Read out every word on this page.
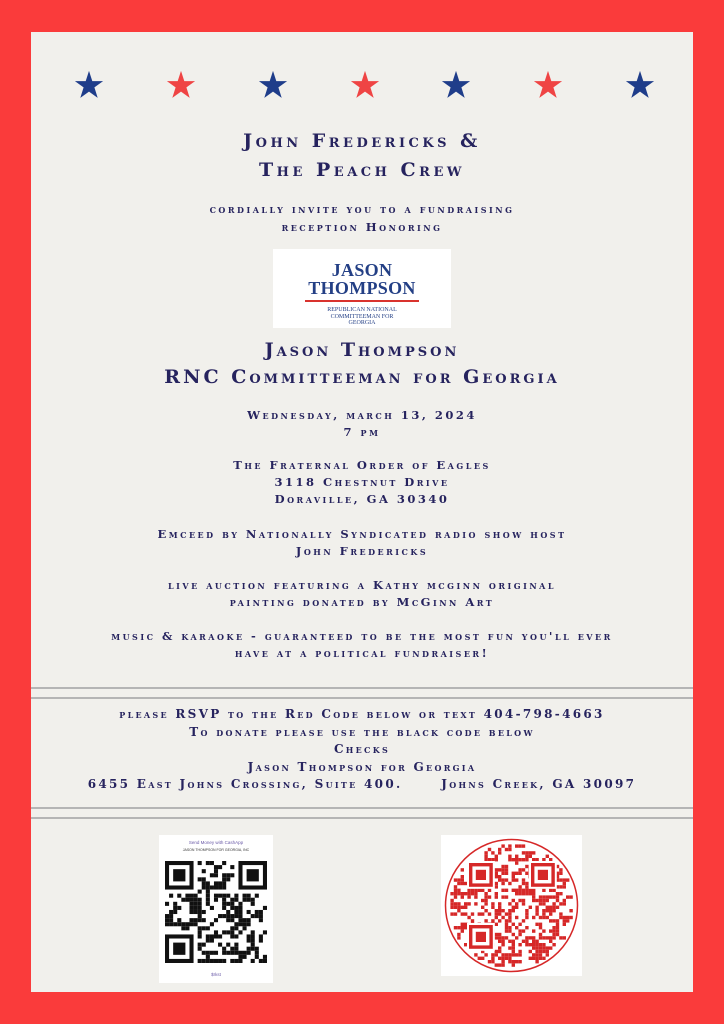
John Fredericks &
The Peach Crew
cordially invite you to a fundraising
reception Honoring
JASON
THOMPSON
REPUBLICAN NATIONAL
COMMITTEEMAN FOR
GEORGIA
Jason Thompson
RNC Committeeman for Georgia
Wednesday, march 13, 2024
7 pm
The Fraternal Order of Eagles
3118 Chestnut Drive
Doraville, GA 30340
Emceed by Nationally Syndicated radio show host
John Fredericks
live auction featuring a Kathy mcginn original
painting donated by McGinn Art
music & karaoke - guaranteed to be the most fun you'll ever
have at a political fundraiser!
please RSVP to the Red Code below or text 404-798-4663
To donate please use the black code below
Checks
Jason Thompson for Georgia
6455 East Johns Crossing, Suite 400.      Johns Creek, GA 30097
Send Money with CashApp
JASON THOMPSON FOR GEORGIA, INC
$rkst
